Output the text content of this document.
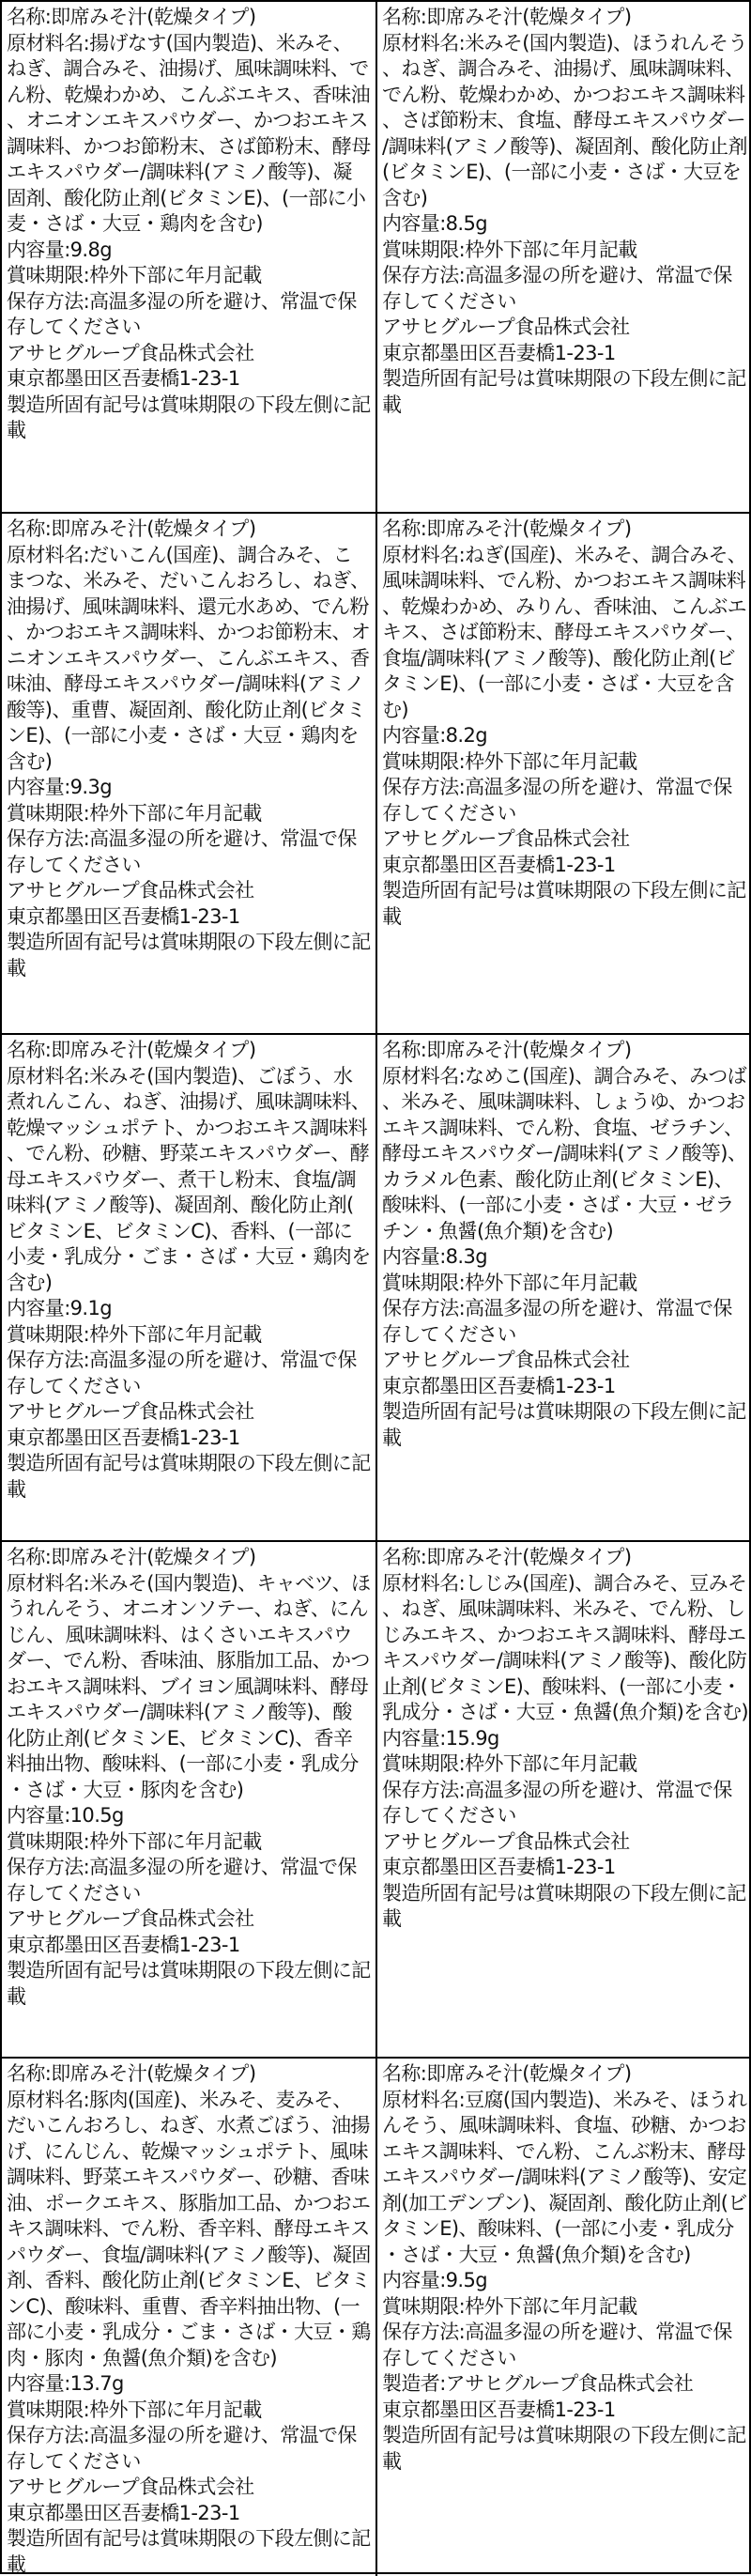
名称:即席みそ汁(乾燥タイプ)
原材料名:揚げなす(国内製造)、米みそ、ねぎ、調合みそ、油揚げ、風味調味料、でん粉、乾燥わかめ、こんぶエキス、香味油、オニオンエキスパウダー、かつおエキス調味料、かつお節粉末、さば節粉末、酵母エキスパウダー/調味料(アミノ酸等)、凝固剤、酸化防止剤(ビタミンE)、(一部に小麦・さば・大豆・鶏肉を含む)
内容量:9.8g
賞味期限:枠外下部に年月記載
保存方法:高温多湿の所を避け、常温で保存してください
アサヒグループ食品株式会社
東京都墨田区吾妻橋1-23-1
製造所固有記号は賞味期限の下段左側に記載
名称:即席みそ汁(乾燥タイプ)
原材料名:米みそ(国内製造)、ほうれんそう、ねぎ、調合みそ、油揚げ、風味調味料、でん粉、乾燥わかめ、かつおエキス調味料、さば節粉末、食塩、酵母エキスパウダー/調味料(アミノ酸等)、凝固剤、酸化防止剤(ビタミンE)、(一部に小麦・さば・大豆を含む)
内容量:8.5g
賞味期限:枠外下部に年月記載
保存方法:高温多湿の所を避け、常温で保存してください
アサヒグループ食品株式会社
東京都墨田区吾妻橋1-23-1
製造所固有記号は賞味期限の下段左側に記載
名称:即席みそ汁(乾燥タイプ)
原材料名:だいこん(国産)、調合みそ、こまつな、米みそ、だいこんおろし、ねぎ、油揚げ、風味調味料、還元水あめ、でん粉、かつおエキス調味料、かつお節粉末、オニオンエキスパウダー、こんぶエキス、香味油、酵母エキスパウダー/調味料(アミノ酸等)、重曹、凝固剤、酸化防止剤(ビタミンE)、(一部に小麦・さば・大豆・鶏肉を含む)
内容量:9.3g
賞味期限:枠外下部に年月記載
保存方法:高温多湿の所を避け、常温で保存してください
アサヒグループ食品株式会社
東京都墨田区吾妻橋1-23-1
製造所固有記号は賞味期限の下段左側に記載
名称:即席みそ汁(乾燥タイプ)
原材料名:ねぎ(国産)、米みそ、調合みそ、風味調味料、でん粉、かつおエキス調味料、乾燥わかめ、みりん、香味油、こんぶエキス、さば節粉末、酵母エキスパウダー、食塩/調味料(アミノ酸等)、酸化防止剤(ビタミンE)、(一部に小麦・さば・大豆を含む)
内容量:8.2g
賞味期限:枠外下部に年月記載
保存方法:高温多湿の所を避け、常温で保存してください
アサヒグループ食品株式会社
東京都墨田区吾妻橋1-23-1
製造所固有記号は賞味期限の下段左側に記載
名称:即席みそ汁(乾燥タイプ)
原材料名:米みそ(国内製造)、ごぼう、水煮れんこん、ねぎ、油揚げ、風味調味料、乾燥マッシュポテト、かつおエキス調味料、でん粉、砂糖、野菜エキスパウダー、酵母エキスパウダー、煮干し粉末、食塩/調味料(アミノ酸等)、凝固剤、酸化防止剤(ビタミンE、ビタミンC)、香料、(一部に小麦・乳成分・ごま・さば・大豆・鶏肉を含む)
内容量:9.1g
賞味期限:枠外下部に年月記載
保存方法:高温多湿の所を避け、常温で保存してください
アサヒグループ食品株式会社
東京都墨田区吾妻橋1-23-1
製造所固有記号は賞味期限の下段左側に記載
名称:即席みそ汁(乾燥タイプ)
原材料名:なめこ(国産)、調合みそ、みつば、米みそ、風味調味料、しょうゆ、かつおエキス調味料、でん粉、食塩、ゼラチン、酵母エキスパウダー/調味料(アミノ酸等)、カラメル色素、酸化防止剤(ビタミンE)、酸味料、(一部に小麦・さば・大豆・ゼラチン・魚醤(魚介類)を含む)
内容量:8.3g
賞味期限:枠外下部に年月記載
保存方法:高温多湿の所を避け、常温で保存してください
アサヒグループ食品株式会社
東京都墨田区吾妻橋1-23-1
製造所固有記号は賞味期限の下段左側に記載
名称:即席みそ汁(乾燥タイプ)
原材料名:米みそ(国内製造)、キャベツ、ほうれんそう、オニオンソテー、ねぎ、にんじん、風味調味料、はくさいエキスパウダー、でん粉、香味油、豚脂加工品、かつおエキス調味料、ブイヨン風調味料、酵母エキスパウダー/調味料(アミノ酸等)、酸化防止剤(ビタミンE、ビタミンC)、香辛料抽出物、酸味料、(一部に小麦・乳成分・さば・大豆・豚肉を含む)
内容量:10.5g
賞味期限:枠外下部に年月記載
保存方法:高温多湿の所を避け、常温で保存してください
アサヒグループ食品株式会社
東京都墨田区吾妻橋1-23-1
製造所固有記号は賞味期限の下段左側に記載
名称:即席みそ汁(乾燥タイプ)
原材料名:しじみ(国産)、調合みそ、豆みそ、ねぎ、風味調味料、米みそ、でん粉、しじみエキス、かつおエキス調味料、酵母エキスパウダー/調味料(アミノ酸等)、酸化防止剤(ビタミンE)、酸味料、(一部に小麦・乳成分・さば・大豆・魚醤(魚介類)を含む)
内容量:15.9g
賞味期限:枠外下部に年月記載
保存方法:高温多湿の所を避け、常温で保存してください
アサヒグループ食品株式会社
東京都墨田区吾妻橋1-23-1
製造所固有記号は賞味期限の下段左側に記載
名称:即席みそ汁(乾燥タイプ)
原材料名:豚肉(国産)、米みそ、麦みそ、だいこんおろし、ねぎ、水煮ごぼう、油揚げ、にんじん、乾燥マッシュポテト、風味調味料、野菜エキスパウダー、砂糖、香味油、ポークエキス、豚脂加工品、かつおエキス調味料、でん粉、香辛料、酵母エキスパウダー、食塩/調味料(アミノ酸等)、凝固剤、香料、酸化防止剤(ビタミンE、ビタミンC)、酸味料、重曹、香辛料抽出物、(一部に小麦・乳成分・ごま・さば・大豆・鶏肉・豚肉・魚醤(魚介類)を含む)
内容量:13.7g
賞味期限:枠外下部に年月記載
保存方法:高温多湿の所を避け、常温で保存してください
アサヒグループ食品株式会社
東京都墨田区吾妻橋1-23-1
製造所固有記号は賞味期限の下段左側に記載
名称:即席みそ汁(乾燥タイプ)
原材料名:豆腐(国内製造)、米みそ、ほうれんそう、風味調味料、食塩、砂糖、かつおエキス調味料、でん粉、こんぶ粉末、酵母エキスパウダー/調味料(アミノ酸等)、安定剤(加工デンプン)、凝固剤、酸化防止剤(ビタミンE)、酸味料、(一部に小麦・乳成分・さば・大豆・魚醤(魚介類)を含む)
内容量:9.5g
賞味期限:枠外下部に年月記載
保存方法:高温多湿の所を避け、常温で保存してください
製造者:アサヒグループ食品株式会社
東京都墨田区吾妻橋1-23-1
製造所固有記号は賞味期限の下段左側に記載
